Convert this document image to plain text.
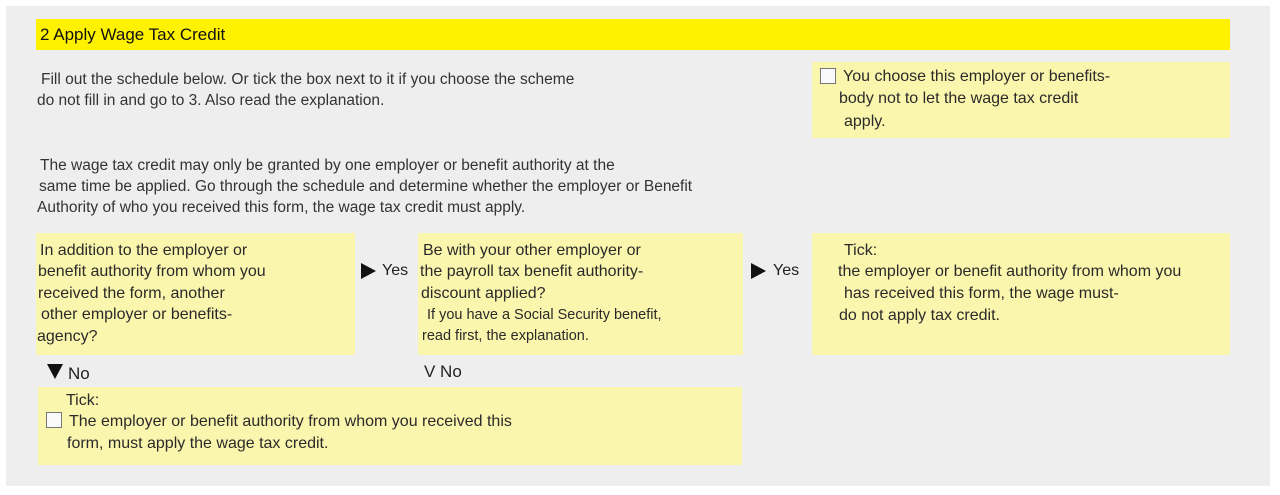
2 Apply Wage Tax Credit
Fill out the schedule below. Or tick the box next to it if you choose the scheme
do not fill in and go to 3. Also read the explanation.
You choose this employer or benefits-
body not to let the wage tax credit
apply.
The wage tax credit may only be granted by one employer or benefit authority at the
same time be applied. Go through the schedule and determine whether the employer or Benefit
Authority of who you received this form, the wage tax credit must apply.
In addition to the employer or
benefit authority from whom you
received the form, another
other employer or benefits-
agency?
Yes
Be with your other employer or
the payroll tax benefit authority-
discount applied?
If you have a Social Security benefit,
read first, the explanation.
Yes
Tick:
the employer or benefit authority from whom you
has received this form, the wage must-
do not apply tax credit.
No	V No
Tick:
The employer or benefit authority from whom you received this
form, must apply the wage tax credit.
